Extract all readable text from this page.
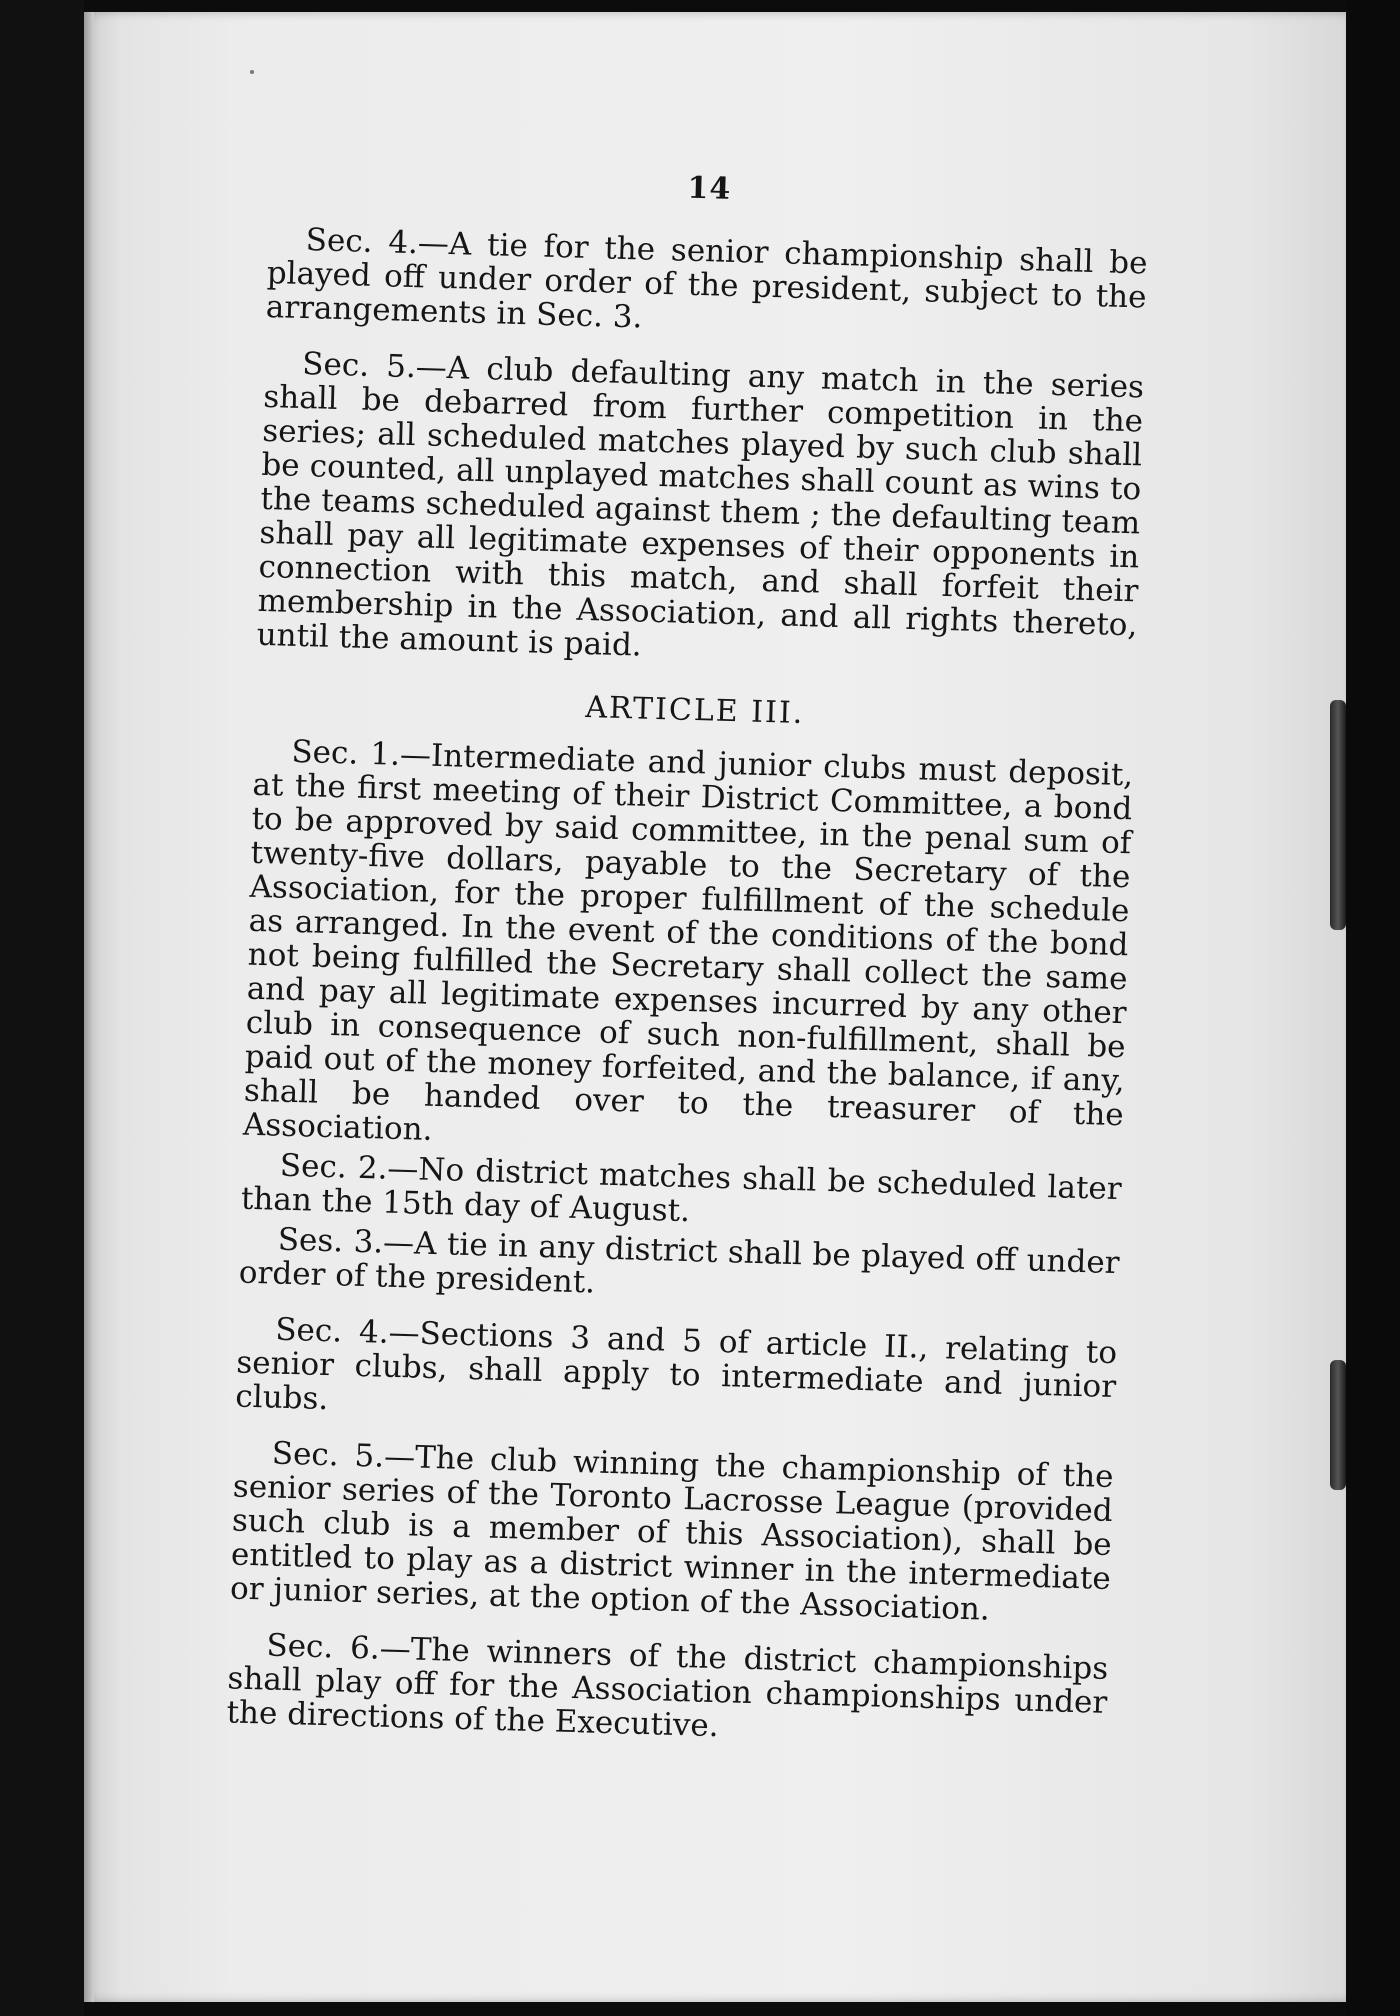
14

Sec. 4.—A tie for the senior championship shall be played off under order of the president, subject to the arrangements in Sec. 3.

Sec. 5.—A club defaulting any match in the series shall be debarred from further competition in the series; all scheduled matches played by such club shall be counted, all unplayed matches shall count as wins to the teams scheduled against them ; the defaulting team shall pay all legitimate expenses of their opponents in connection with this match, and shall forfeit their membership in the Association, and all rights thereto, until the amount is paid.

ARTICLE III.

Sec. 1.—Intermediate and junior clubs must deposit, at the first meeting of their District Committee, a bond to be approved by said committee, in the penal sum of twenty-five dollars, payable to the Secretary of the Association, for the proper fulfillment of the schedule as arranged. In the event of the conditions of the bond not being fulfilled the Secretary shall collect the same and pay all legitimate expenses incurred by any other club in consequence of such non-fulfillment, shall be paid out of the money forfeited, and the balance, if any, shall be handed over to the treasurer of the Association.

Sec. 2.—No district matches shall be scheduled later than the 15th day of August.

Ses. 3.—A tie in any district shall be played off under order of the president.

Sec. 4.—Sections 3 and 5 of article II., relating to senior clubs, shall apply to intermediate and junior clubs.

Sec. 5.—The club winning the championship of the senior series of the Toronto Lacrosse League (provided such club is a member of this Association), shall be entitled to play as a district winner in the intermediate or junior series, at the option of the Association.

Sec. 6.—The winners of the district championships shall play off for the Association championships under the directions of the Executive.
